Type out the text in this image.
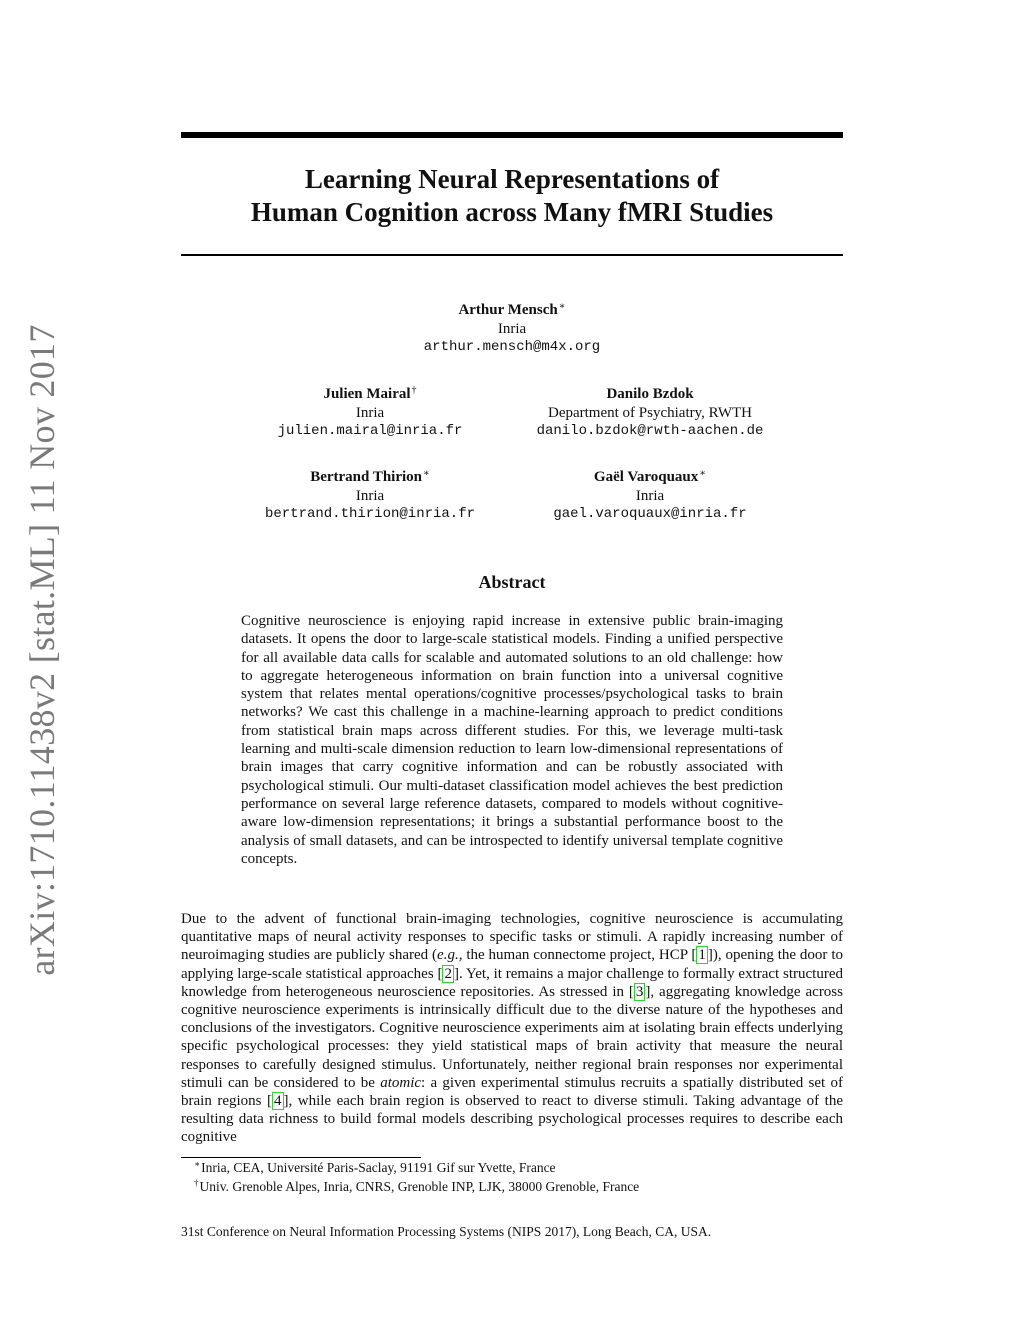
arXiv:1710.11438v2 [stat.ML] 11 Nov 2017
Learning Neural Representations of
Human Cognition across Many fMRI Studies
Arthur Mensch∗
Inria
arthur.mensch@m4x.org
Julien Mairal†
Inria
julien.mairal@inria.fr
Danilo Bzdok
Department of Psychiatry, RWTH
danilo.bzdok@rwth-aachen.de
Bertrand Thirion∗
Inria
bertrand.thirion@inria.fr
Gaël Varoquaux∗
Inria
gael.varoquaux@inria.fr
Abstract
Cognitive neuroscience is enjoying rapid increase in extensive public brain-imaging datasets. It opens the door to large-scale statistical models. Finding a unified perspective for all available data calls for scalable and automated solutions to an old challenge: how to aggregate heterogeneous information on brain function into a universal cognitive system that relates mental operations/cognitive processes/psychological tasks to brain networks? We cast this challenge in a machine-learning approach to predict conditions from statistical brain maps across different studies. For this, we leverage multi-task learning and multi-scale dimension reduction to learn low-dimensional representations of brain images that carry cognitive information and can be robustly associated with psychological stimuli. Our multi-dataset classification model achieves the best prediction performance on several large reference datasets, compared to models without cognitive-aware low-dimension representations; it brings a substantial performance boost to the analysis of small datasets, and can be introspected to identify universal template cognitive concepts.
Due to the advent of functional brain-imaging technologies, cognitive neuroscience is accumulating quantitative maps of neural activity responses to specific tasks or stimuli. A rapidly increasing number of neuroimaging studies are publicly shared (e.g., the human connectome project, HCP [ 1 ]), opening the door to applying large-scale statistical approaches [ 2 ]. Yet, it remains a major challenge to formally extract structured knowledge from heterogeneous neuroscience repositories. As stressed in [ 3 ], aggregating knowledge across cognitive neuroscience experiments is intrinsically difficult due to the diverse nature of the hypotheses and conclusions of the investigators. Cognitive neuroscience experiments aim at isolating brain effects underlying specific psychological processes: they yield statistical maps of brain activity that measure the neural responses to carefully designed stimulus. Unfortunately, neither regional brain responses nor experimental stimuli can be considered to be atomic: a given experimental stimulus recruits a spatially distributed set of brain regions [ 4 ], while each brain region is observed to react to diverse stimuli. Taking advantage of the resulting data richness to build formal models describing psychological processes requires to describe each cognitive
∗Inria, CEA, Université Paris-Saclay, 91191 Gif sur Yvette, France
†Univ. Grenoble Alpes, Inria, CNRS, Grenoble INP, LJK, 38000 Grenoble, France
31st Conference on Neural Information Processing Systems (NIPS 2017), Long Beach, CA, USA.
